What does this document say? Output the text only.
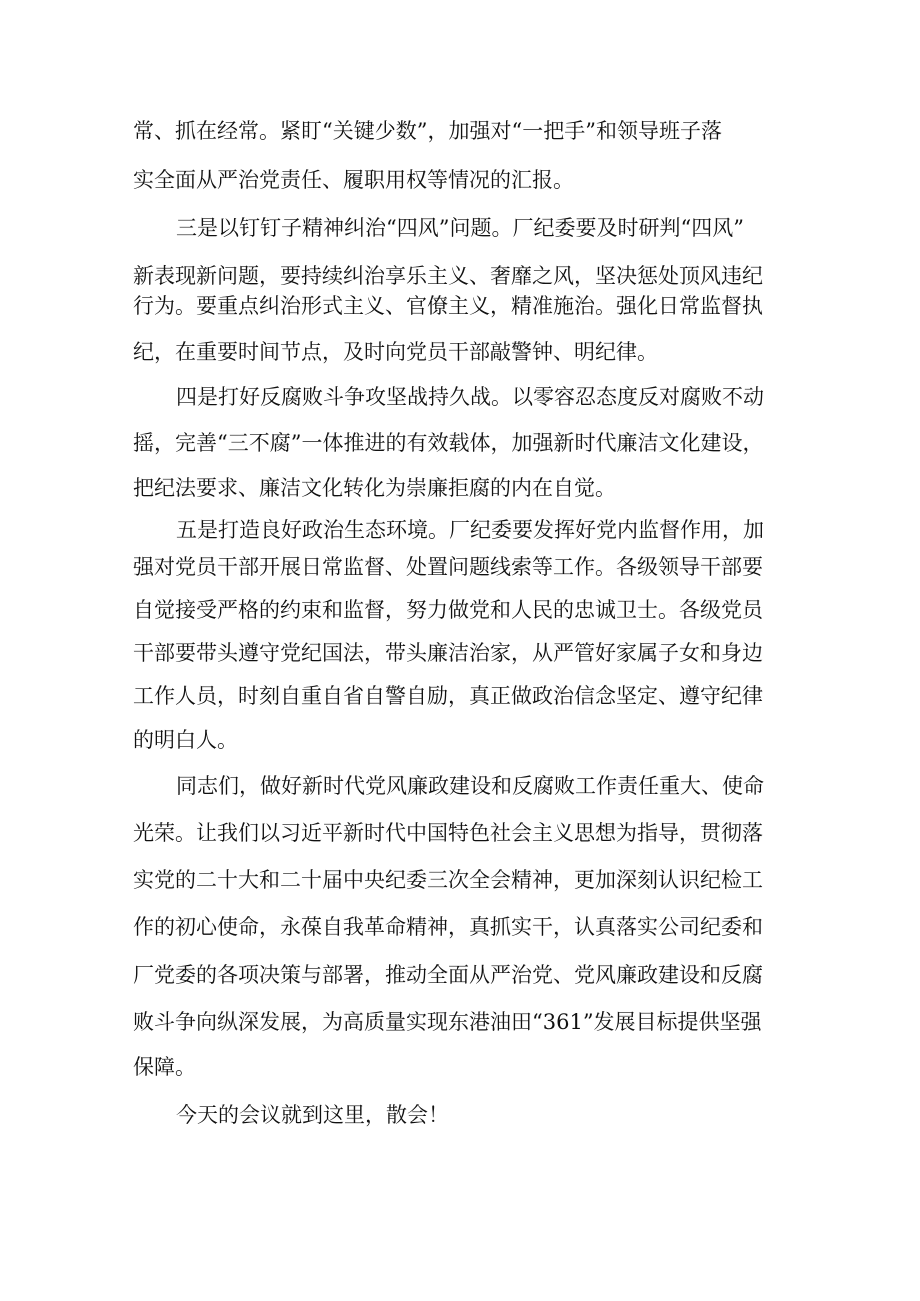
常、抓在经常。紧盯“关键少数”，加强对“一把手”和领导班子落

实全面从严治党责任、履职用权等情况的汇报。

三是以钉钉子精神纠治“四风”问题。厂纪委要及时研判“四风”

新表现新问题，要持续纠治享乐主义、奢靡之风，坚决惩处顶风违纪

行为。要重点纠治形式主义、官僚主义，精准施治。强化日常监督执

纪，在重要时间节点，及时向党员干部敲警钟、明纪律。

四是打好反腐败斗争攻坚战持久战。以零容忍态度反对腐败不动

摇，完善“三不腐”一体推进的有效载体，加强新时代廉洁文化建设，

把纪法要求、廉洁文化转化为崇廉拒腐的内在自觉。

五是打造良好政治生态环境。厂纪委要发挥好党内监督作用，加

强对党员干部开展日常监督、处置问题线索等工作。各级领导干部要

自觉接受严格的约束和监督，努力做党和人民的忠诚卫士。各级党员

干部要带头遵守党纪国法，带头廉洁治家，从严管好家属子女和身边

工作人员，时刻自重自省自警自励，真正做政治信念坚定、遵守纪律

的明白人。

同志们，做好新时代党风廉政建设和反腐败工作责任重大、使命

光荣。让我们以习近平新时代中国特色社会主义思想为指导，贯彻落

实党的二十大和二十届中央纪委三次全会精神，更加深刻认识纪检工

作的初心使命，永葆自我革命精神，真抓实干，认真落实公司纪委和

厂党委的各项决策与部署，推动全面从严治党、党风廉政建设和反腐

败斗争向纵深发展，为高质量实现东港油田“361”发展目标提供坚强

保障。

今天的会议就到这里，散会！
